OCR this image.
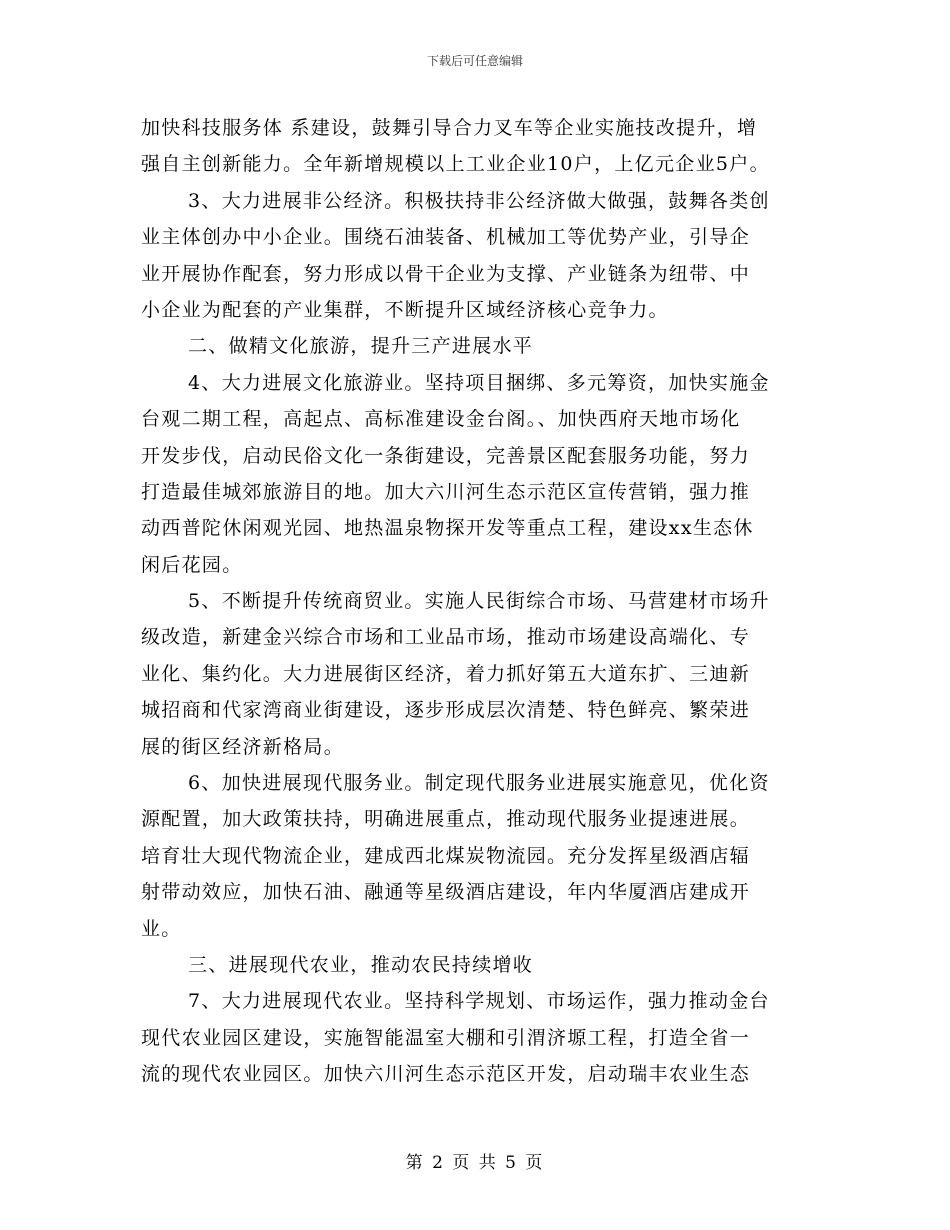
下载后可任意编辑
加快科技服务体 系建设，鼓舞引导合力叉车等企业实施技改提升，增
强自主创新能力。全年新增规模以上工业企业10户，上亿元企业5户。
3、大力进展非公经济。积极扶持非公经济做大做强，鼓舞各类创
业主体创办中小企业。围绕石油装备、机械加工等优势产业，引导企
业开展协作配套，努力形成以骨干企业为支撑、产业链条为纽带、中
小企业为配套的产业集群，不断提升区域经济核心竞争力。
二、做精文化旅游，提升三产进展水平
4、大力进展文化旅游业。坚持项目捆绑、多元筹资，加快实施金
台观二期工程，高起点、高标准建设金台阁。、加快西府天地市场化
开发步伐，启动民俗文化一条街建设，完善景区配套服务功能，努力
打造最佳城郊旅游目的地。加大六川河生态示范区宣传营销，强力推
动西普陀休闲观光园、地热温泉物探开发等重点工程，建设xx生态休
闲后花园。
5、不断提升传统商贸业。实施人民街综合市场、马营建材市场升
级改造，新建金兴综合市场和工业品市场，推动市场建设高端化、专
业化、集约化。大力进展街区经济，着力抓好第五大道东扩、三迪新
城招商和代家湾商业街建设，逐步形成层次清楚、特色鲜亮、繁荣进
展的街区经济新格局。
6、加快进展现代服务业。制定现代服务业进展实施意见，优化资
源配置，加大政策扶持，明确进展重点，推动现代服务业提速进展。
培育壮大现代物流企业，建成西北煤炭物流园。充分发挥星级酒店辐
射带动效应，加快石油、融通等星级酒店建设，年内华厦酒店建成开
业。
三、进展现代农业，推动农民持续增收
7、大力进展现代农业。坚持科学规划、市场运作，强力推动金台
现代农业园区建设，实施智能温室大棚和引渭济塬工程，打造全省一
流的现代农业园区。加快六川河生态示范区开发，启动瑞丰农业生态
第 2 页 共 5 页
